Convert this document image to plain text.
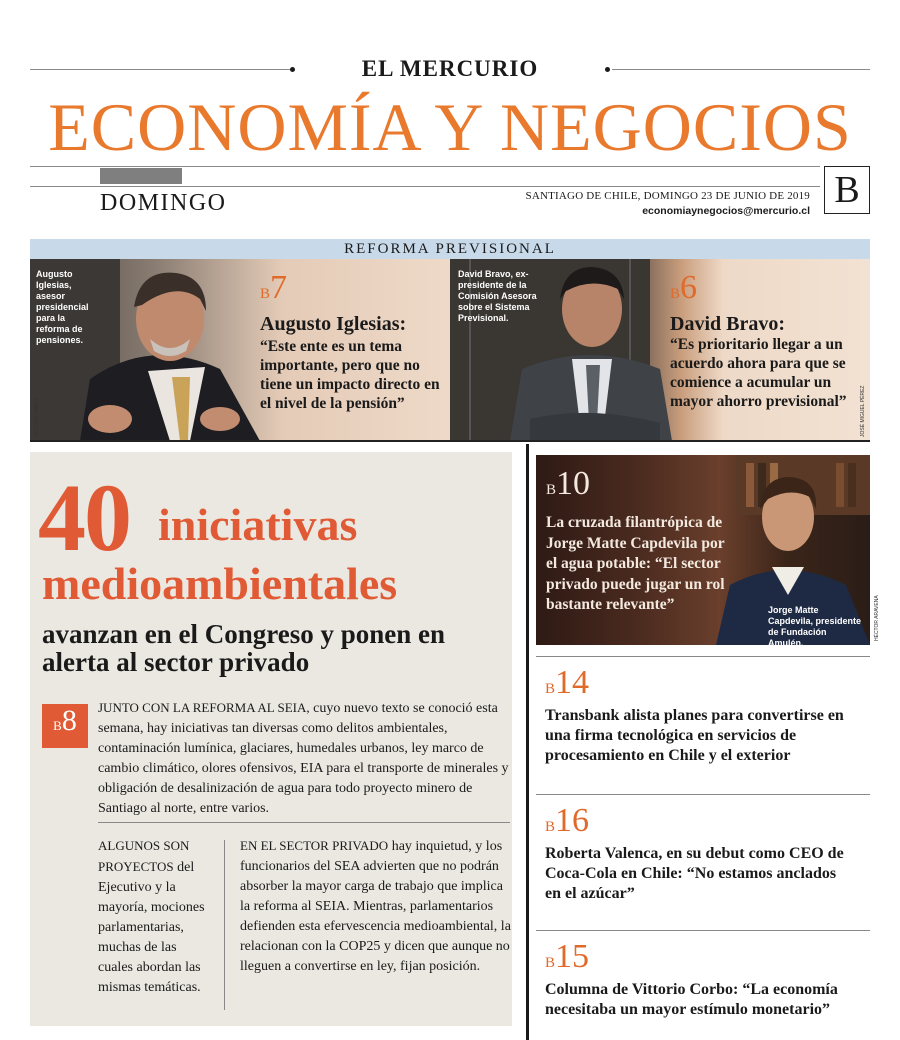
EL MERCURIO
ECONOMÍA Y NEGOCIOS
DOMINGO	SANTIAGO DE CHILE, DOMINGO 23 DE JUNIO DE 2019
economiaynegocios@mercurio.cl B
REFORMA PREVISIONAL
Augusto Iglesias, asesor presidencial para la reforma de pensiones.
B7
Augusto Iglesias:
“Este ente es un tema importante, pero que no tiene un impacto directo en el nivel de la pensión”
HÉCTOR YÁÑEZ
David Bravo, ex-presidente de la Comisión Asesora sobre el Sistema Previsional.
B6
David Bravo:
“Es prioritario llegar a un acuerdo ahora para que se comience a acumular un mayor ahorro previsional”	JOSÉ MIGUEL PÉREZ
40 iniciativas
medioambientales
avanzan en el Congreso y ponen en alerta al sector privado
B8	JUNTO CON LA REFORMA AL SEIA, cuyo nuevo texto se conoció esta semana, hay iniciativas tan diversas como delitos ambientales, contaminación lumínica, glaciares, humedales urbanos, ley marco de cambio climático, olores ofensivos, EIA para el transporte de minerales y obligación de desalinización de agua para todo proyecto minero de Santiago al norte, entre varios.
ALGUNOS SON PROYECTOS del Ejecutivo y la mayoría, mociones parlamentarias, muchas de las cuales abordan las mismas temáticas.
EN EL SECTOR PRIVADO hay inquietud, y los funcionarios del SEA advierten que no podrán absorber la mayor carga de trabajo que implica la reforma al SEIA. Mientras, parlamentarios defienden esta efervescencia medioambiental, la relacionan con la COP25 y dicen que aunque no lleguen a convertirse en ley, fijan posición.
B10
La cruzada filantrópica de Jorge Matte Capdevila por el agua potable: “El sector privado puede jugar un rol bastante relevante”	Jorge Matte Capdevila, presidente de Fundación Amulén.
HÉCTOR ARAVENA
B14
Transbank alista planes para convertirse en una firma tecnológica en servicios de procesamiento en Chile y el exterior
B16
Roberta Valenca, en su debut como CEO de Coca-Cola en Chile: “No estamos anclados en el azúcar”
B15
Columna de Vittorio Corbo: “La economía necesitaba un mayor estímulo monetario”
